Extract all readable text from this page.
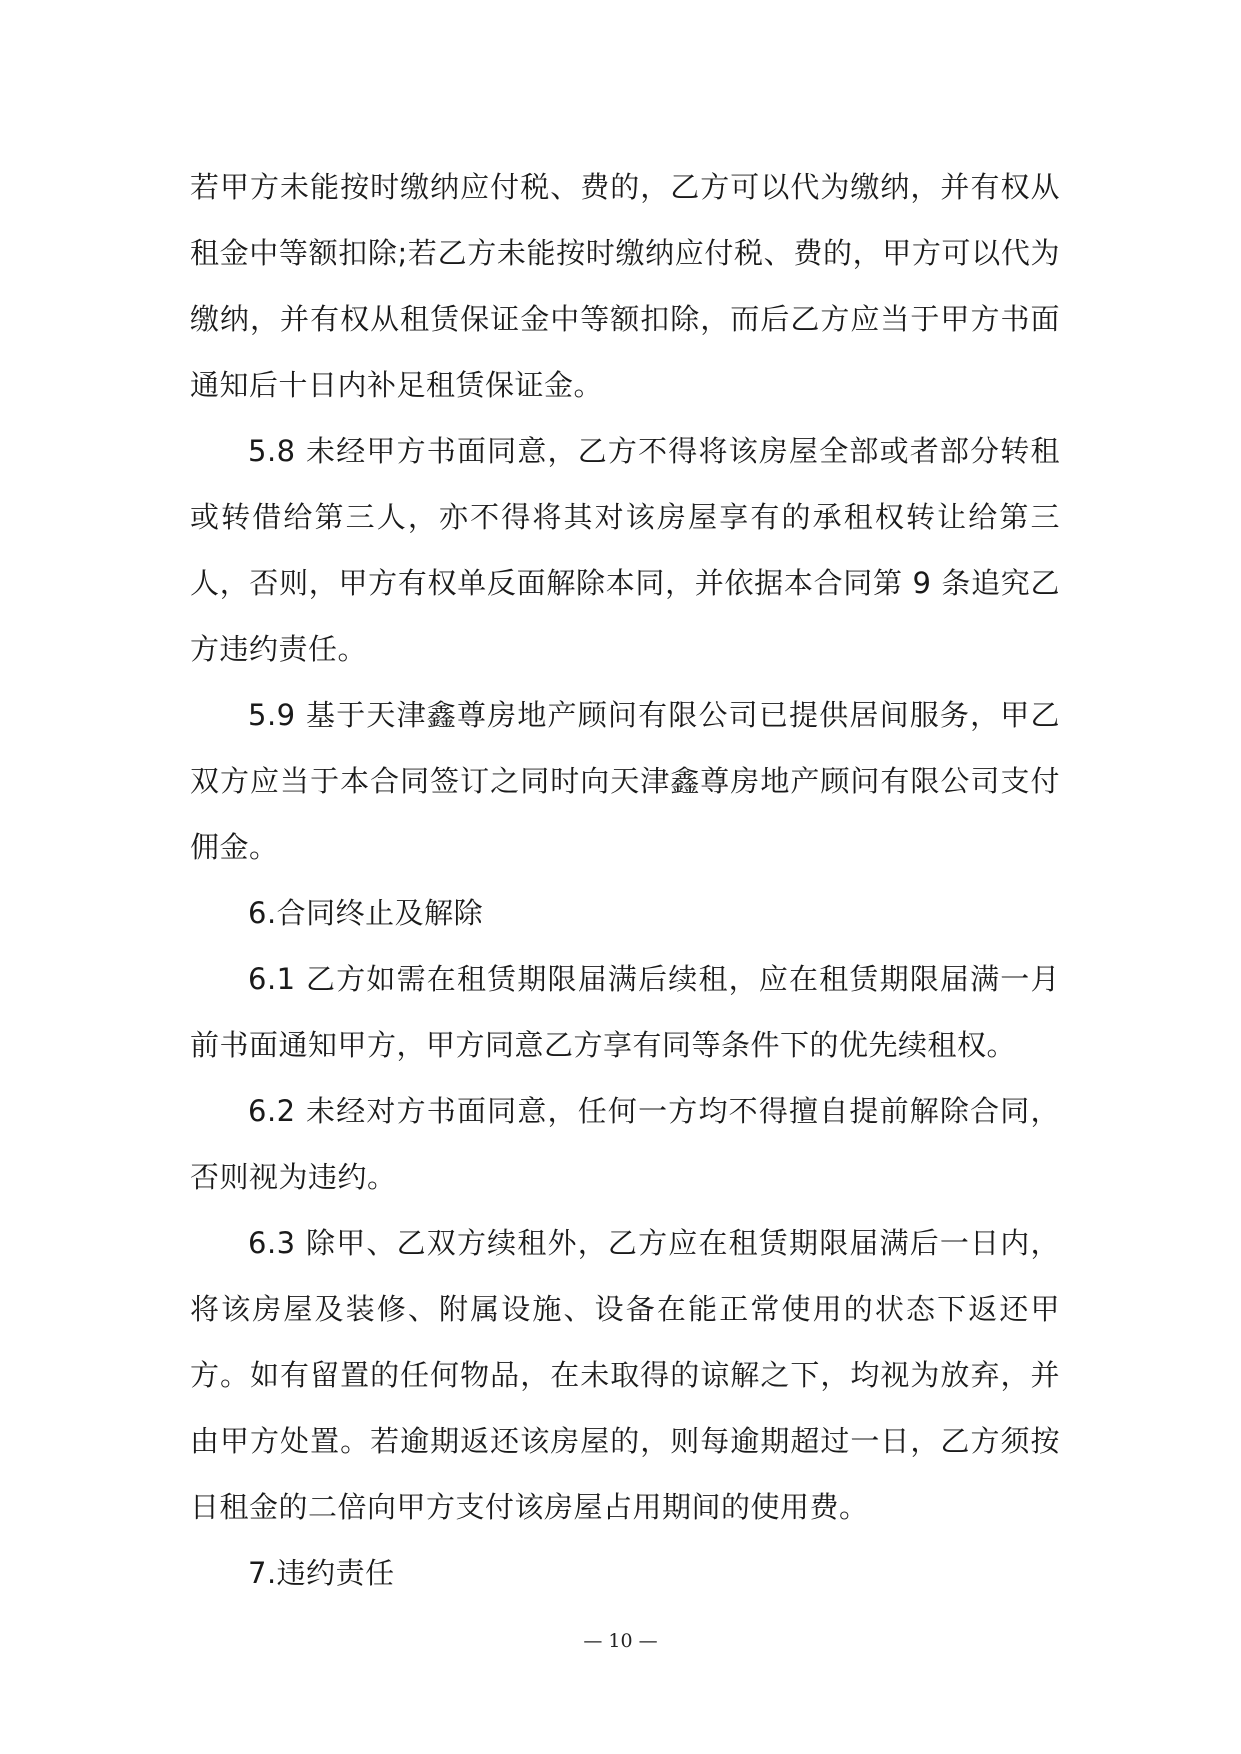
若甲方未能按时缴纳应付税、费的，乙方可以代为缴纳，并有权从租金中等额扣除;若乙方未能按时缴纳应付税、费的，甲方可以代为缴纳，并有权从租赁保证金中等额扣除，而后乙方应当于甲方书面通知后十日内补足租赁保证金。

5.8 未经甲方书面同意，乙方不得将该房屋全部或者部分转租或转借给第三人，亦不得将其对该房屋享有的承租权转让给第三人，否则，甲方有权单反面解除本同，并依据本合同第 9 条追究乙方违约责任。

5.9 基于天津鑫尊房地产顾问有限公司已提供居间服务，甲乙双方应当于本合同签订之同时向天津鑫尊房地产顾问有限公司支付佣金。

6.合同终止及解除

6.1 乙方如需在租赁期限届满后续租，应在租赁期限届满一月前书面通知甲方，甲方同意乙方享有同等条件下的优先续租权。

6.2 未经对方书面同意，任何一方均不得擅自提前解除合同，否则视为违约。

6.3 除甲、乙双方续租外，乙方应在租赁期限届满后一日内，将该房屋及装修、附属设施、设备在能正常使用的状态下返还甲方。如有留置的任何物品，在未取得的谅解之下，均视为放弃，并由甲方处置。若逾期返还该房屋的，则每逾期超过一日，乙方须按日租金的二倍向甲方支付该房屋占用期间的使用费。

7.违约责任

— 10 —
